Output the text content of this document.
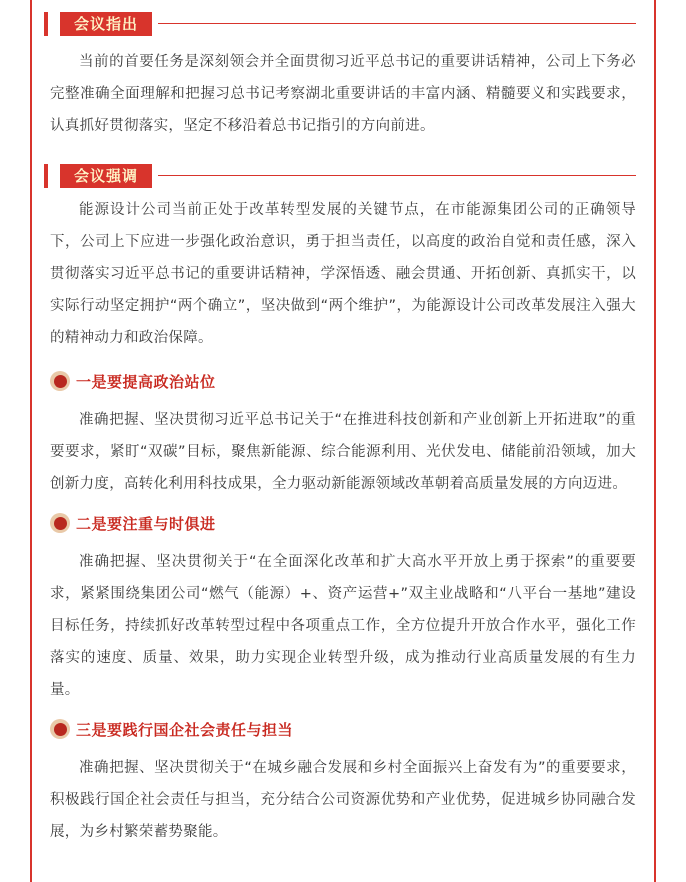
会议指出

当前的首要任务是深刻领会并全面贯彻习近平总书记的重要讲话精神，公司上下务必完整准确全面理解和把握习总书记考察湖北重要讲话的丰富内涵、精髓要义和实践要求，认真抓好贯彻落实，坚定不移沿着总书记指引的方向前进。

会议强调

能源设计公司当前正处于改革转型发展的关键节点，在市能源集团公司的正确领导下，公司上下应进一步强化政治意识，勇于担当责任，以高度的政治自觉和责任感，深入贯彻落实习近平总书记的重要讲话精神，学深悟透、融会贯通、开拓创新、真抓实干，以实际行动坚定拥护“两个确立”，坚决做到“两个维护”，为能源设计公司改革发展注入强大的精神动力和政治保障。

一是要提高政治站位

准确把握、坚决贯彻习近平总书记关于“在推进科技创新和产业创新上开拓进取”的重要要求，紧盯“双碳”目标，聚焦新能源、综合能源利用、光伏发电、储能前沿领域，加大创新力度，高转化利用科技成果，全力驱动新能源领域改革朝着高质量发展的方向迈进。

二是要注重与时俱进

准确把握、坚决贯彻关于“在全面深化改革和扩大高水平开放上勇于探索”的重要要求，紧紧围绕集团公司“燃气（能源）+、资产运营+”双主业战略和“八平台一基地”建设目标任务，持续抓好改革转型过程中各项重点工作，全方位提升开放合作水平，强化工作落实的速度、质量、效果，助力实现企业转型升级，成为推动行业高质量发展的有生力量。

三是要践行国企社会责任与担当

准确把握、坚决贯彻关于“在城乡融合发展和乡村全面振兴上奋发有为”的重要要求，积极践行国企社会责任与担当，充分结合公司资源优势和产业优势，促进城乡协同融合发展，为乡村繁荣蓄势聚能。
